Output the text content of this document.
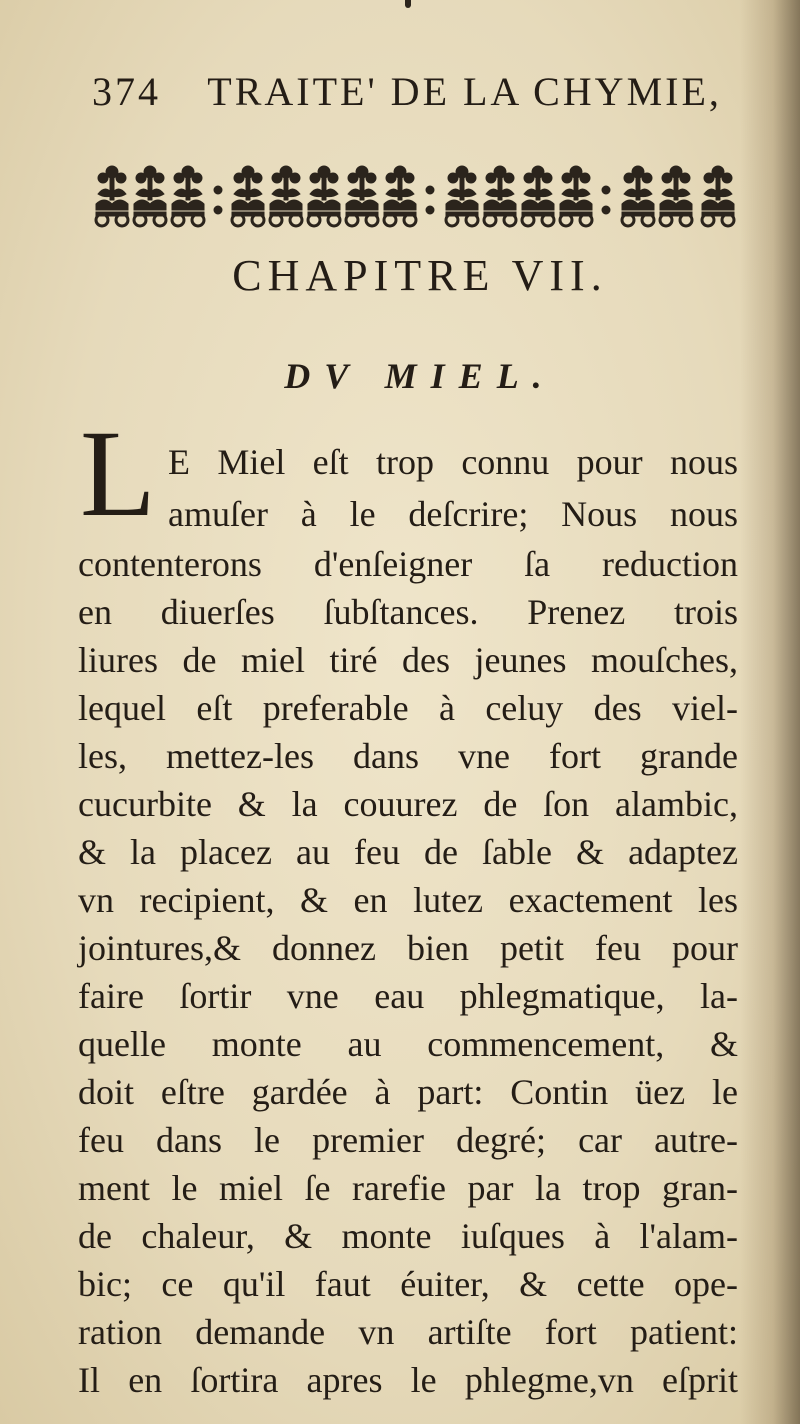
374 TRAITE' DE LA CHYMIE,
CHAPITRE VII.
DV MIEL.
L E Miel eſt trop connu pour nous
amuſer à le deſcrire; Nous nous
contenterons d'enſeigner ſa reduction
en diuerſes ſubſtances. Prenez trois
liures de miel tiré des jeunes mouſches,
lequel eſt preferable à celuy des viel-
les, mettez-les dans vne fort grande
cucurbite & la couurez de ſon alambic,
& la placez au feu de ſable & adaptez
vn recipient, & en lutez exactement les
jointures,& donnez bien petit feu pour
faire ſortir vne eau phlegmatique, la-
quelle monte au commencement, &
doit eſtre gardée à part: Contin üez le
feu dans le premier degré; car autre-
ment le miel ſe rarefie par la trop gran-
de chaleur, & monte iuſques à l'alam-
bic; ce qu'il faut éuiter, & cette ope-
ration demande vn artiſte fort patient:
Il en ſortira apres le phlegme,vn eſprit
